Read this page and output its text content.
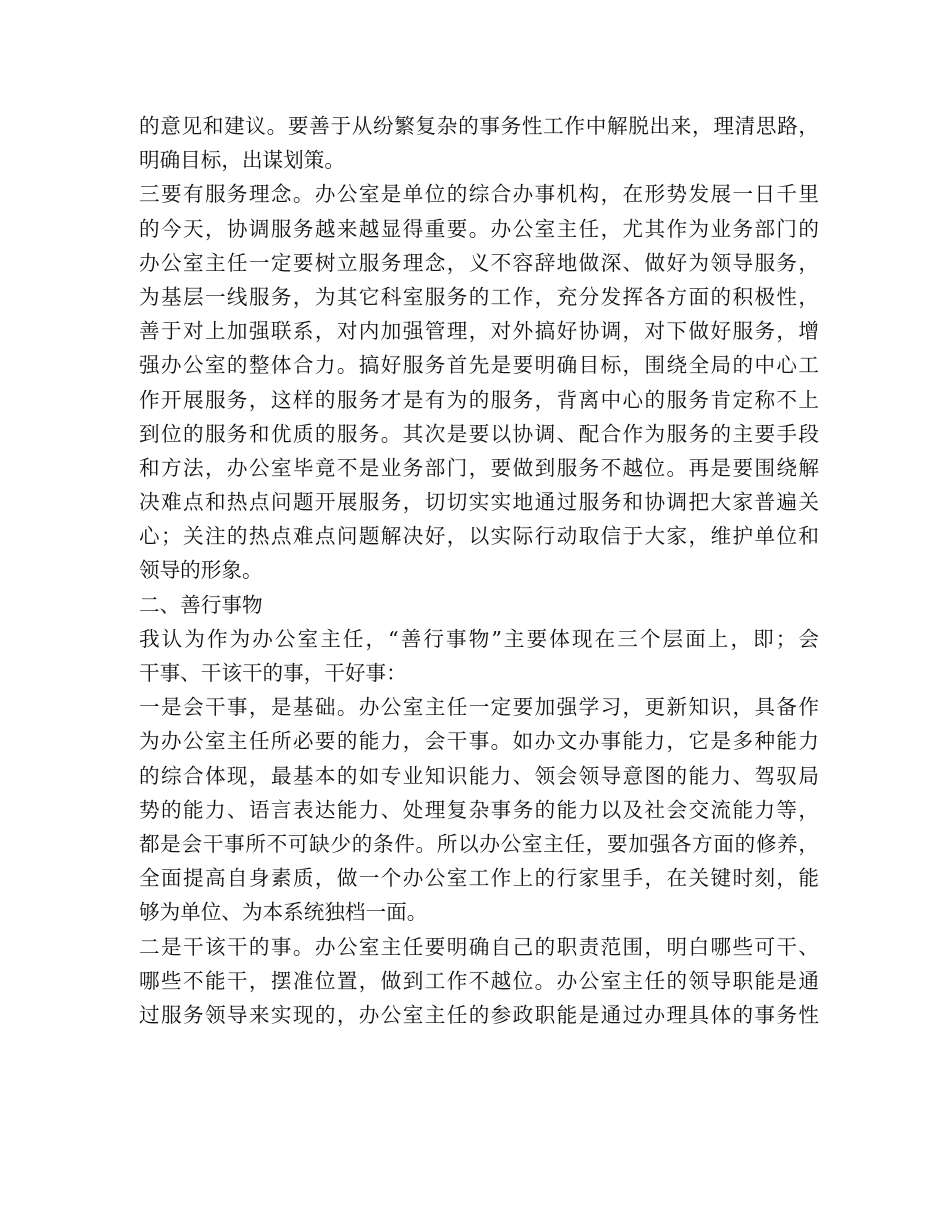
的意见和建议。要善于从纷繁复杂的事务性工作中解脱出来，理清思路，
明确目标，出谋划策。
三要有服务理念。办公室是单位的综合办事机构，在形势发展一日千里
的今天，协调服务越来越显得重要。办公室主任，尤其作为业务部门的
办公室主任一定要树立服务理念，义不容辞地做深、做好为领导服务，
为基层一线服务，为其它科室服务的工作，充分发挥各方面的积极性，
善于对上加强联系，对内加强管理，对外搞好协调，对下做好服务，增
强办公室的整体合力。搞好服务首先是要明确目标，围绕全局的中心工
作开展服务，这样的服务才是有为的服务，背离中心的服务肯定称不上
到位的服务和优质的服务。其次是要以协调、配合作为服务的主要手段
和方法，办公室毕竟不是业务部门，要做到服务不越位。再是要围绕解
决难点和热点问题开展服务，切切实实地通过服务和协调把大家普遍关
心；关注的热点难点问题解决好，以实际行动取信于大家，维护单位和
领导的形象。
二、善行事物
我认为作为办公室主任，“善行事物”主要体现在三个层面上，即；会
干事、干该干的事，干好事：
一是会干事，是基础。办公室主任一定要加强学习，更新知识，具备作
为办公室主任所必要的能力，会干事。如办文办事能力，它是多种能力
的综合体现，最基本的如专业知识能力、领会领导意图的能力、驾驭局
势的能力、语言表达能力、处理复杂事务的能力以及社会交流能力等，
都是会干事所不可缺少的条件。所以办公室主任，要加强各方面的修养，
全面提高自身素质，做一个办公室工作上的行家里手，在关键时刻，能
够为单位、为本系统独档一面。
二是干该干的事。办公室主任要明确自己的职责范围，明白哪些可干、
哪些不能干，摆准位置，做到工作不越位。办公室主任的领导职能是通
过服务领导来实现的，办公室主任的参政职能是通过办理具体的事务性
